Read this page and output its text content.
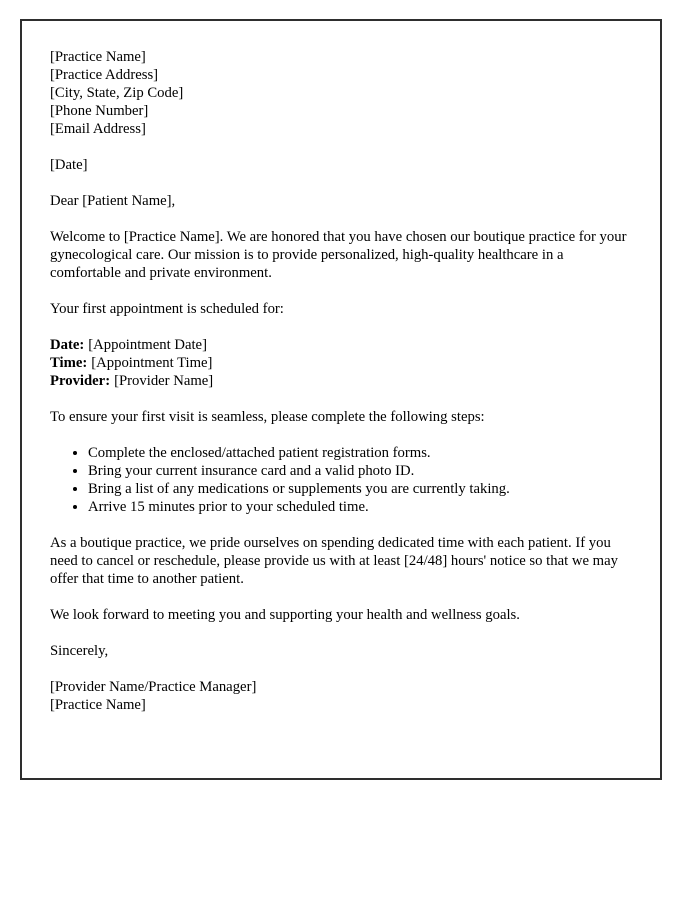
[Practice Name]
[Practice Address]
[City, State, Zip Code]
[Phone Number]
[Email Address]
[Date]
Dear [Patient Name],

Welcome to [Practice Name]. We are honored that you have chosen our boutique practice for your gynecological care. Our mission is to provide personalized, high-quality healthcare in a comfortable and private environment.

Your first appointment is scheduled for:

Date: [Appointment Date]
Time: [Appointment Time]
Provider: [Provider Name]

To ensure your first visit is seamless, please complete the following steps:

• Complete the enclosed/attached patient registration forms.
• Bring your current insurance card and a valid photo ID.
• Bring a list of any medications or supplements you are currently taking.
• Arrive 15 minutes prior to your scheduled time.

As a boutique practice, we pride ourselves on spending dedicated time with each patient. If you need to cancel or reschedule, please provide us with at least [24/48] hours' notice so that we may offer that time to another patient.

We look forward to meeting you and supporting your health and wellness goals.

Sincerely,
[Provider Name/Practice Manager]
[Practice Name]
